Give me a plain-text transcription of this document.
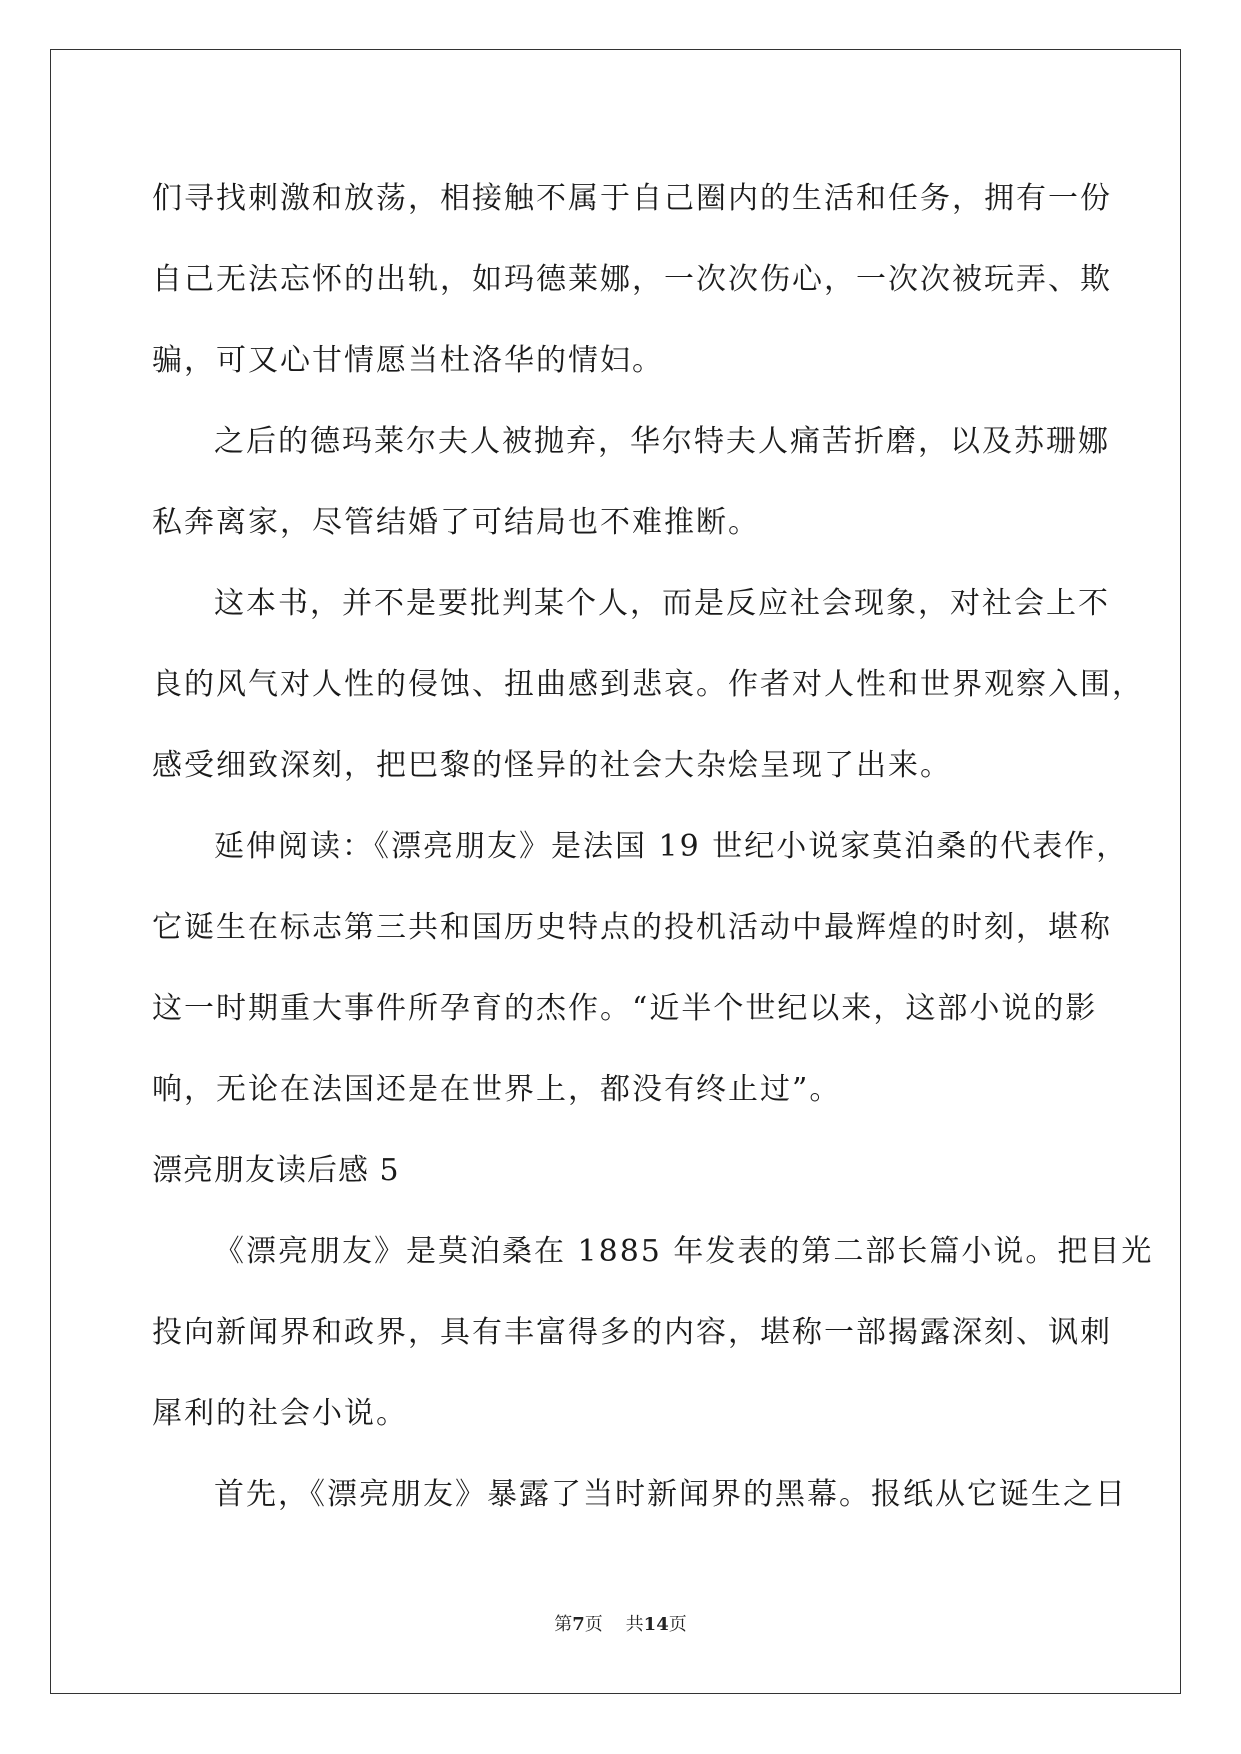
们寻找刺激和放荡，相接触不属于自己圈内的生活和任务，拥有一份
自己无法忘怀的出轨，如玛德莱娜，一次次伤心，一次次被玩弄、欺
骗，可又心甘情愿当杜洛华的情妇。
之后的德玛莱尔夫人被抛弃，华尔特夫人痛苦折磨，以及苏珊娜
私奔离家，尽管结婚了可结局也不难推断。
这本书，并不是要批判某个人，而是反应社会现象，对社会上不
良的风气对人性的侵蚀、扭曲感到悲哀。作者对人性和世界观察入围，
感受细致深刻，把巴黎的怪异的社会大杂烩呈现了出来。
延伸阅读：《漂亮朋友》是法国 19 世纪小说家莫泊桑的代表作，
它诞生在标志第三共和国历史特点的投机活动中最辉煌的时刻，堪称
这一时期重大事件所孕育的杰作。“近半个世纪以来，这部小说的影
响，无论在法国还是在世界上，都没有终止过”。
漂亮朋友读后感 5
《漂亮朋友》是莫泊桑在 1885 年发表的第二部长篇小说。把目光
投向新闻界和政界，具有丰富得多的内容，堪称一部揭露深刻、讽刺
犀利的社会小说。
首先，《漂亮朋友》暴露了当时新闻界的黑幕。报纸从它诞生之日
第7页 共14页
